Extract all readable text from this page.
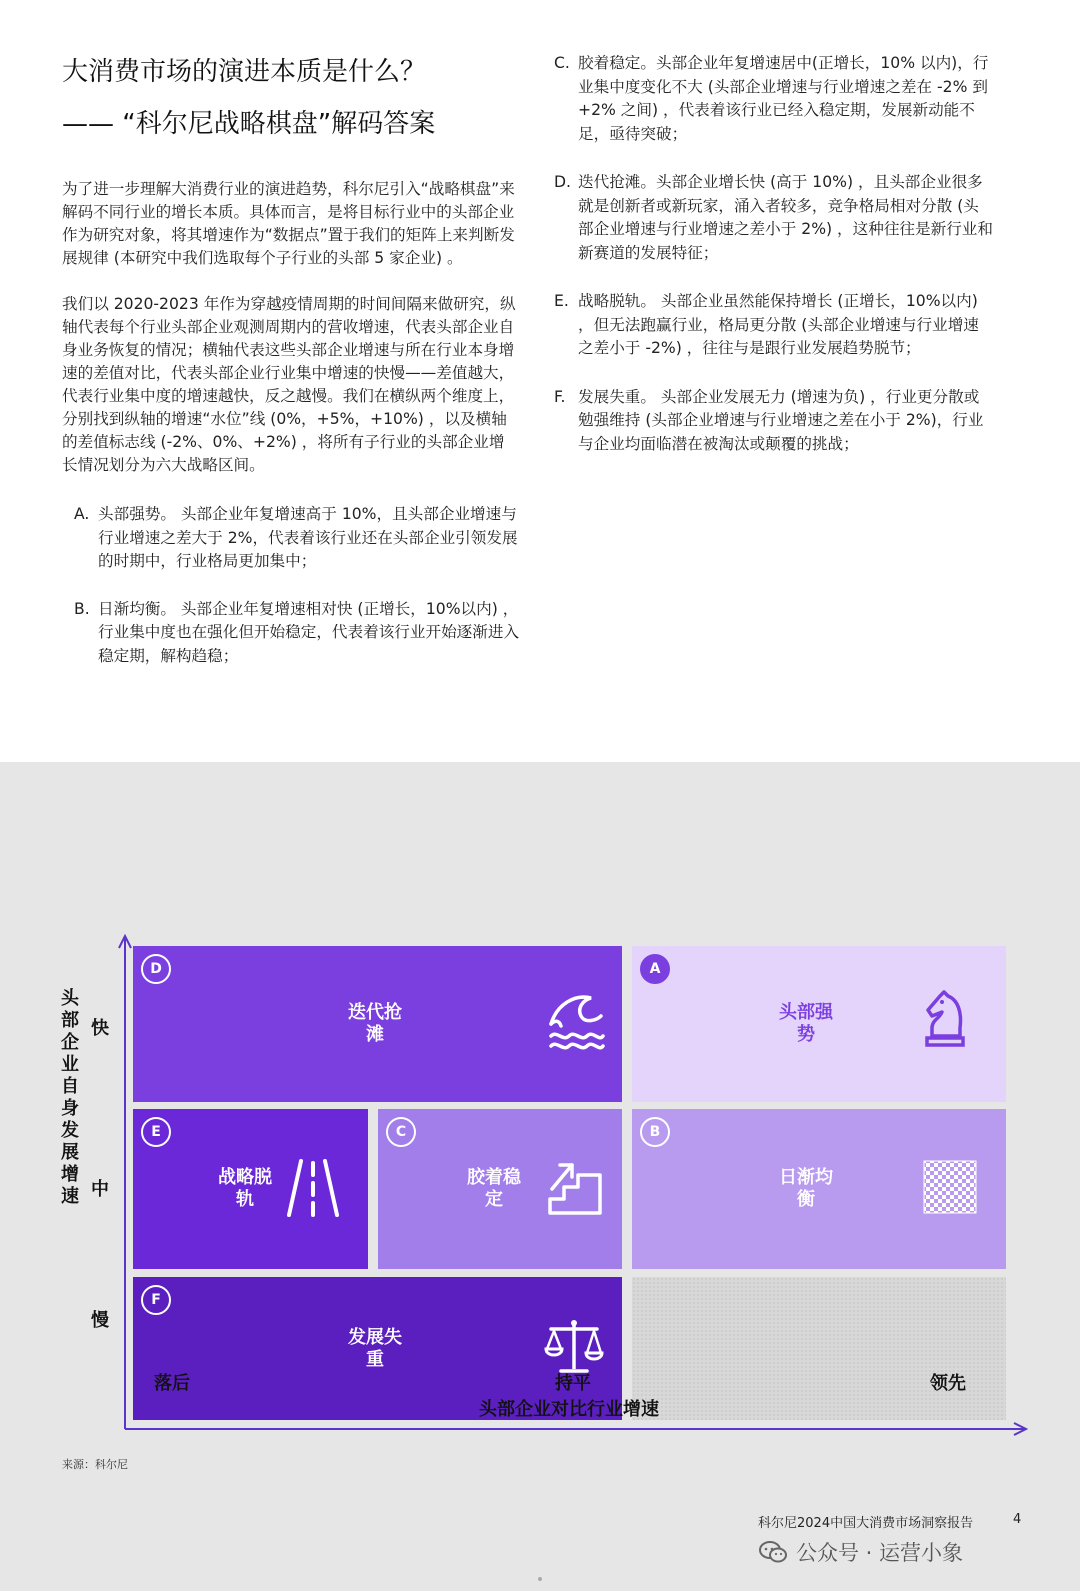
大消费市场的演进本质是什么？
—— “科尔尼战略棋盘”解码答案

为了进一步理解大消费行业的演进趋势，科尔尼引入“战略棋盘”来解码不同行业的增长本质。具体而言，是将目标行业中的头部企业作为研究对象，将其增速作为“数据点”置于我们的矩阵上来判断发展规律 (本研究中我们选取每个子行业的头部 5 家企业) 。

我们以 2020-2023 年作为穿越疫情周期的时间间隔来做研究，纵轴代表每个行业头部企业观测周期内的营收增速，代表头部企业自身业务恢复的情况；横轴代表这些头部企业增速与所在行业本身增速的差值对比，代表头部企业行业集中增速的快慢——差值越大，代表行业集中度的增速越快，反之越慢。我们在横纵两个维度上，分别找到纵轴的增速“水位”线 (0%，+5%，+10%) ，以及横轴的差值标志线 (-2%、0%、+2%) ，将所有子行业的头部企业增长情况划分为六大战略区间。

A. 头部强势。 头部企业年复增速高于 10%，且头部企业增速与行业增速之差大于 2%，代表着该行业还在头部企业引领发展的时期中，行业格局更加集中；
B. 日渐均衡。 头部企业年复增速相对快 (正增长，10%以内) ，行业集中度也在强化但开始稳定，代表着该行业开始逐渐进入稳定期，解构趋稳；
C. 胶着稳定。头部企业年复增速居中(正增长，10% 以内)，行业集中度变化不大 (头部企业增速与行业增速之差在 -2% 到 +2% 之间) ，代表着该行业已经入稳定期，发展新动能不足，亟待突破；
D. 迭代抢滩。头部企业增长快 (高于 10%) ，且头部企业很多就是创新者或新玩家，涌入者较多，竞争格局相对分散 (头部企业增速与行业增速之差小于 2%) ，这种往往是新行业和新赛道的发展特征；
E. 战略脱轨。 头部企业虽然能保持增长 (正增长，10%以内) ，但无法跑赢行业，格局更分散 (头部企业增速与行业增速之差小于 -2%) ，往往与是跟行业发展趋势脱节；
F. 发展失重。 头部企业发展无力 (增速为负) ，行业更分散或勉强维持 (头部企业增速与行业增速之差在小于 2%)，行业与企业均面临潜在被淘汰或颠覆的挑战；
D
迭代抢滩
A
头部强势
E
战略脱轨
C
胶着稳定
B
日渐均衡
F
发展失重
头部企业自身发展增速
快
中
慢
落后	持平	领先
头部企业对比行业增速
来源：科尔尼
科尔尼2024中国大消费市场洞察报告	4
公众号 · 运营小象
